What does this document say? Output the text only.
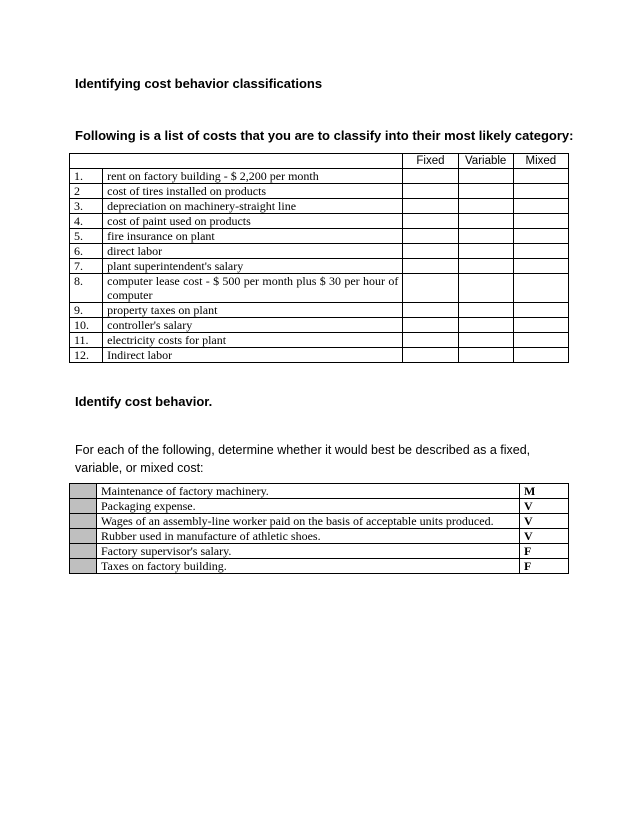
Identifying cost behavior classifications
Following is a list of costs that you are to classify into their most likely category:
		Fixed	Variable	Mixed
1.	rent on factory building - $ 2,200 per month			
2	cost of tires installed on products			
3.	depreciation on machinery-straight line			
4.	cost of paint used on products			
5.	fire insurance on plant			
6.	direct labor			
7.	plant superintendent's salary			
8.	computer lease cost - $ 500 per month plus $ 30 per hour of computer			
9.	property taxes on plant			
10.	controller's salary			
11.	electricity costs for plant			
12.	Indirect labor			
Identify cost behavior.
For each of the following, determine whether it would best be described as a fixed, variable, or mixed cost:
	Maintenance of factory machinery.	M
	Packaging expense.	V
	Wages of an assembly-line worker paid on the basis of acceptable units produced.	V
	Rubber used in manufacture of athletic shoes.	V
	Factory supervisor's salary.	F
	Taxes on factory building.	F
